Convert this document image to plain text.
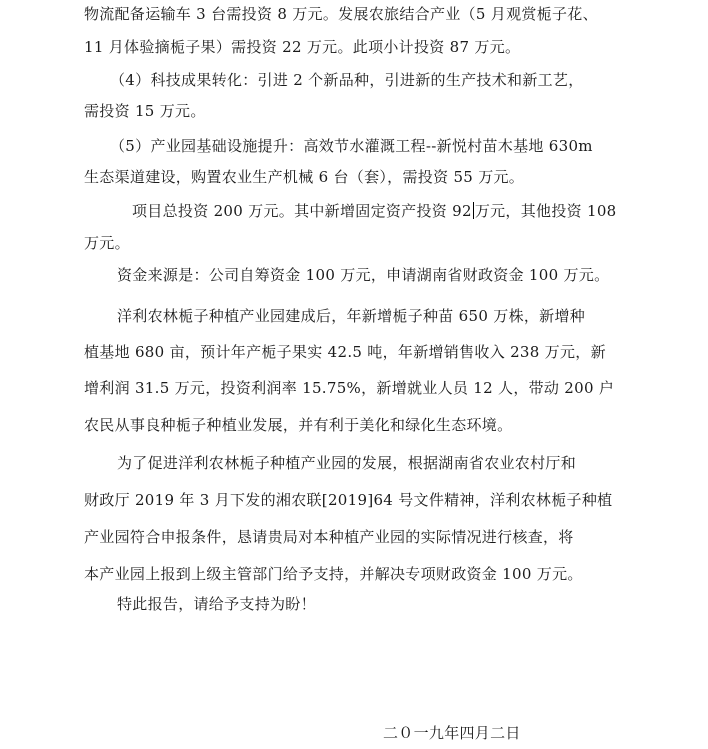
物流配备运输车 3 台需投资 8 万元。发展农旅结合产业（5 月观赏栀子花、
11 月体验摘栀子果）需投资 22 万元。此项小计投资 87 万元。
（4）科技成果转化：引进 2 个新品种，引进新的生产技术和新工艺，
需投资 15 万元。
（5）产业园基础设施提升：高效节水灌溉工程--新悦村苗木基地 630m
生态渠道建设，购置农业生产机械 6 台（套），需投资 55 万元。
项目总投资 200 万元。其中新增固定资产投资 92 万元，其他投资 108
万元。
资金来源是：公司自筹资金 100 万元，申请湖南省财政资金 100 万元。
洋利农林栀子种植产业园建成后，年新增栀子种苗 650 万株，新增种
植基地 680 亩，预计年产栀子果实 42.5 吨，年新增销售收入 238 万元，新
增利润 31.5 万元，投资利润率 15.75%，新增就业人员 12 人，带动 200 户
农民从事良种栀子种植业发展，并有利于美化和绿化生态环境。
为了促进洋利农林栀子种植产业园的发展，根据湖南省农业农村厅和
财政厅 2019 年 3 月下发的湘农联[2019]64 号文件精神，洋利农林栀子种植
产业园符合申报条件，恳请贵局对本种植产业园的实际情况进行核查，将
本产业园上报到上级主管部门给予支持，并解决专项财政资金 100 万元。
特此报告，请给予支持为盼！
二０一九年四月二日
